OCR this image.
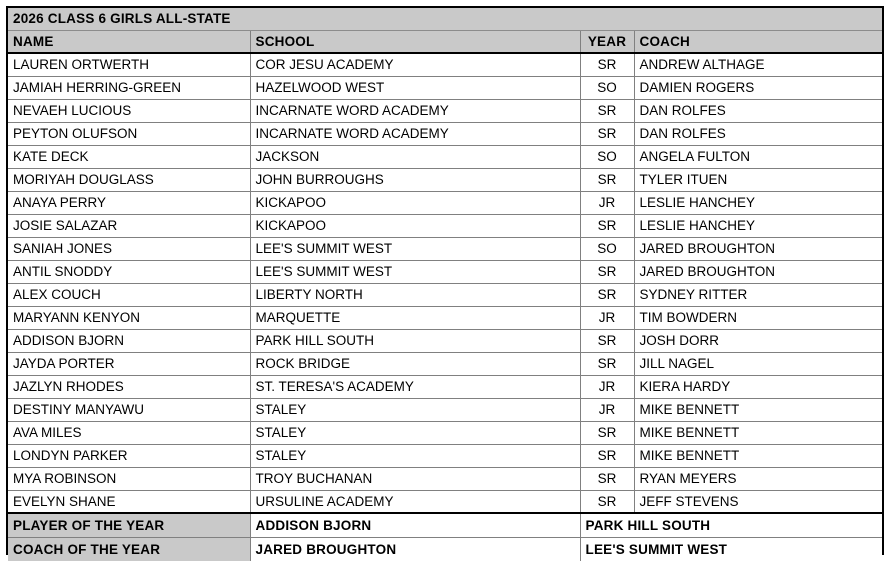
2026 CLASS 6 GIRLS ALL-STATE			
NAME	SCHOOL	YEAR	COACH
LAUREN ORTWERTH	COR JESU ACADEMY	SR	ANDREW ALTHAGE
JAMIAH HERRING-GREEN	HAZELWOOD WEST	SO	DAMIEN ROGERS
NEVAEH LUCIOUS	INCARNATE WORD ACADEMY	SR	DAN ROLFES
PEYTON OLUFSON	INCARNATE WORD ACADEMY	SR	DAN ROLFES
KATE DECK	JACKSON	SO	ANGELA FULTON
MORIYAH DOUGLASS	JOHN BURROUGHS	SR	TYLER ITUEN
ANAYA PERRY	KICKAPOO	JR	LESLIE HANCHEY
JOSIE SALAZAR	KICKAPOO	SR	LESLIE HANCHEY
SANIAH JONES	LEE'S SUMMIT WEST	SO	JARED BROUGHTON
ANTIL SNODDY	LEE'S SUMMIT WEST	SR	JARED BROUGHTON
ALEX COUCH	LIBERTY NORTH	SR	SYDNEY RITTER
MARYANN KENYON	MARQUETTE	JR	TIM BOWDERN
ADDISON BJORN	PARK HILL SOUTH	SR	JOSH DORR
JAYDA PORTER	ROCK BRIDGE	SR	JILL NAGEL
JAZLYN RHODES	ST. TERESA'S ACADEMY	JR	KIERA HARDY
DESTINY MANYAWU	STALEY	JR	MIKE BENNETT
AVA MILES	STALEY	SR	MIKE BENNETT
LONDYN PARKER	STALEY	SR	MIKE BENNETT
MYA ROBINSON	TROY BUCHANAN	SR	RYAN MEYERS
EVELYN SHANE	URSULINE ACADEMY	SR	JEFF STEVENS
PLAYER OF THE YEAR	ADDISON BJORN	PARK HILL SOUTH	
COACH OF THE YEAR	JARED BROUGHTON	LEE'S SUMMIT WEST	
